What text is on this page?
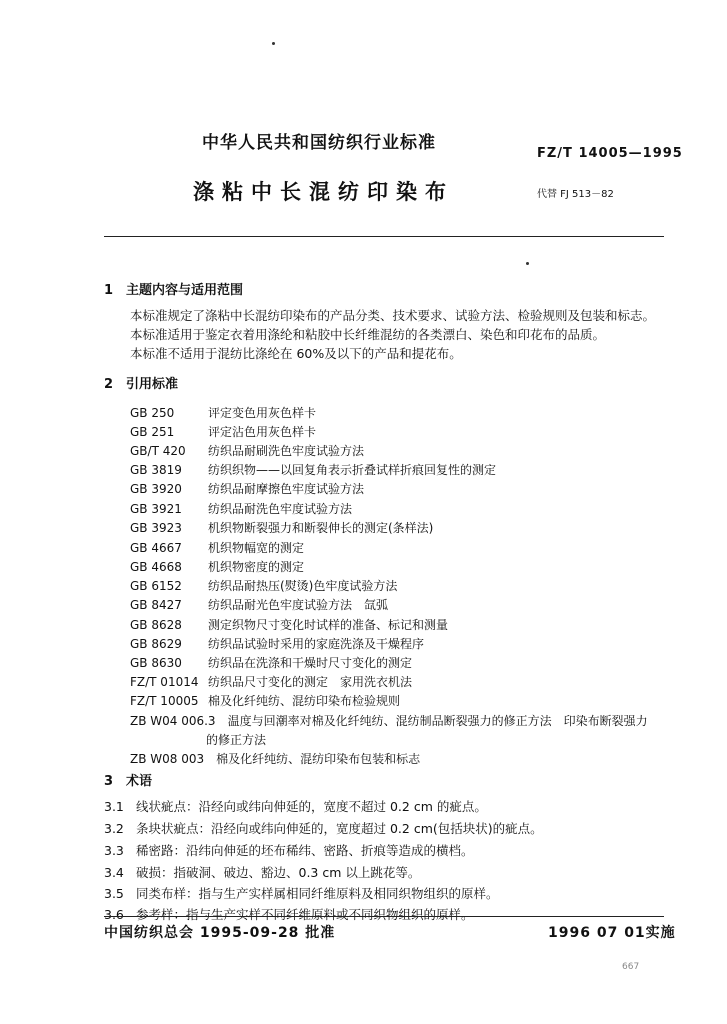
中华人民共和国纺织行业标准
FZ/T 14005—1995
涤粘中长混纺印染布	代替 FJ 513－82
1 主题内容与适用范围
本标准规定了涤粘中长混纺印染布的产品分类、技术要求、试验方法、检验规则及包装和标志。
本标准适用于鉴定衣着用涤纶和粘胶中长纤维混纺的各类漂白、染色和印花布的品质。
本标准不适用于混纺比涤纶在 60%及以下的产品和提花布。
2 引用标准
GB 250	评定变色用灰色样卡
GB 251	评定沾色用灰色样卡
GB/T 420 纺织品耐刷洗色牢度试验方法
GB 3819 纺织织物——以回复角表示折叠试样折痕回复性的测定
GB 3920 纺织品耐摩擦色牢度试验方法
GB 3921 纺织品耐洗色牢度试验方法
GB 3923 机织物断裂强力和断裂伸长的测定(条样法)
GB 4667 机织物幅宽的测定
GB 4668 机织物密度的测定
GB 6152 纺织品耐热压(熨烫)色牢度试验方法
GB 8427 纺织品耐光色牢度试验方法　氙弧
GB 8628 测定织物尺寸变化时试样的准备、标记和测量
GB 8629 纺织品试验时采用的家庭洗涤及干燥程序
GB 8630 纺织品在洗涤和干燥时尺寸变化的测定
FZ/T 01014 纺织品尺寸变化的测定　家用洗衣机法
FZ/T 10005 棉及化纤纯纺、混纺印染布检验规则
ZB W04 006.3 温度与回潮率对棉及化纤纯纺、混纺制品断裂强力的修正方法　印染布断裂强力
的修正方法
ZB W08 003 棉及化纤纯纺、混纺印染布包装和标志
3 术语
3.1 线状疵点：沿经向或纬向伸延的，宽度不超过 0.2 cm 的疵点。
3.2 条块状疵点：沿经向或纬向伸延的，宽度超过 0.2 cm(包括块状)的疵点。
3.3 稀密路：沿纬向伸延的坯布稀纬、密路、折痕等造成的横档。
3.4 破损：指破洞、破边、豁边、0.3 cm 以上跳花等。
3.5 同类布样：指与生产实样属相同纤维原料及相同织物组织的原样。
3.6 参考样：指与生产实样不同纤维原料或不同织物组织的原样。
中国纺织总会 1995-09-28 批准	1996 07 01实施
667
